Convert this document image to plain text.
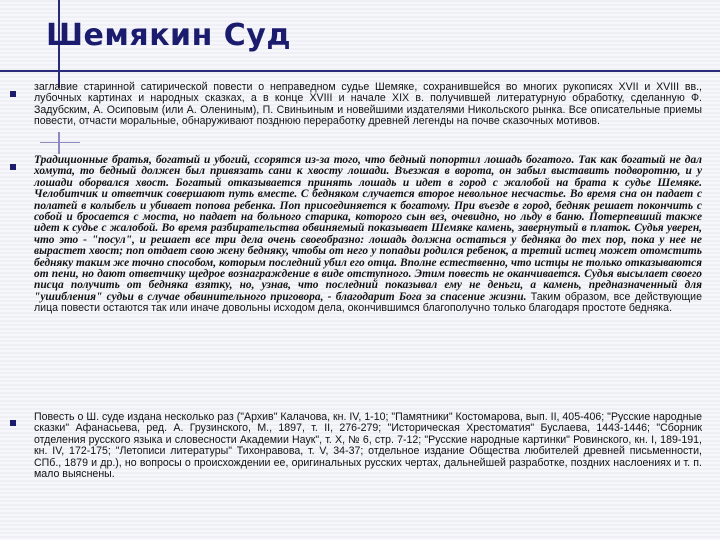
Шемякин Суд
заглавие старинной сатирической повести о неправедном судье Шемяке, сохранившейся во многих рукописях XVII и XVIII вв., лубочных картинах и народных сказках, а в конце XVIII и начале XIX в. получившей литературную обработку, сделанную Ф. Задубским, А. Осиповым (или А. Олениным), П. Свиньиным и новейшими издателями Никольского рынка. Все описательные приемы повести, отчасти моральные, обнаруживают позднюю переработку древней легенды на почве сказочных мотивов.
Традиционные братья, богатый и убогий, ссорятся из-за того, что бедный попортил лошадь богатого. Так как богатый не дал хомута, то бедный должен был привязать сани к хвосту лошади. Въезжая в ворота, он забыл выставить подворотню, и у лошади оборвался хвост. Богатый отказывается принять лошадь и идет в город с жалобой на брата к судье Шемяке. Челобитчик и ответчик совершают путь вместе. С бедняком случается второе невольное несчастье. Во время сна он падает с полатей в колыбель и убивает попова ребенка. Поп присоединяется к богатому. При въезде в город, бедняк решает покончить с собой и бросается с моста, но падает на больного старика, которого сын вез, очевидно, но льду в баню. Потерпевший также идет к судье с жалобой. Во время разбирательства обвиняемый показывает Шемяке камень, завернутый в платок. Судья уверен, что это - "посул", и решает все три дела очень своеобразно: лошадь должна остаться у бедняка до тех пор, пока у нее не вырастет хвост; поп отдает свою жену бедняку, чтобы от него у попадьи родился ребенок, а третий истец может отомстить бедняку таким же точно способом, которым последний убил его отца. Вполне естественно, что истцы не только отказываются от пени, но дают ответчику щедрое вознаграждение в виде отступного. Этим повесть не оканчивается. Судья высылает своего писца получить от бедняка взятку, но, узнав, что последний показывал ему не деньги, а камень, предназначенный для "ушибления" судьи в случае обвинительного приговора, - благодарит Бога за спасение жизни. Таким образом, все действующие лица повести остаются так или иначе довольны исходом дела, окончившимся благополучно только благодаря простоте бедняка.
Повесть о Ш. суде издана несколько раз ("Архив" Калачова, кн. IV, 1-10; "Памятники" Костомарова, вып. II, 405-406; "Русские народные сказки" Афанасьева, ред. А. Грузинского, М., 1897, т. II, 276-279; "Историческая Хрестоматия" Буслаева, 1443-1446; "Сборник отделения русского языка и словесности Академии Наук", т. X, № 6, стр. 7-12; "Русские народные картинки" Ровинского, кн. I, 189-191, кн. IV, 172-175; "Летописи литературы" Тихонравова, т. V, 34-37; отдельное издание Общества любителей древней письменности, СПб., 1879 и др.), но вопросы о происхождении ее, оригинальных русских чертах, дальнейшей разработке, поздних наслоениях и т. п. мало выяснены.
